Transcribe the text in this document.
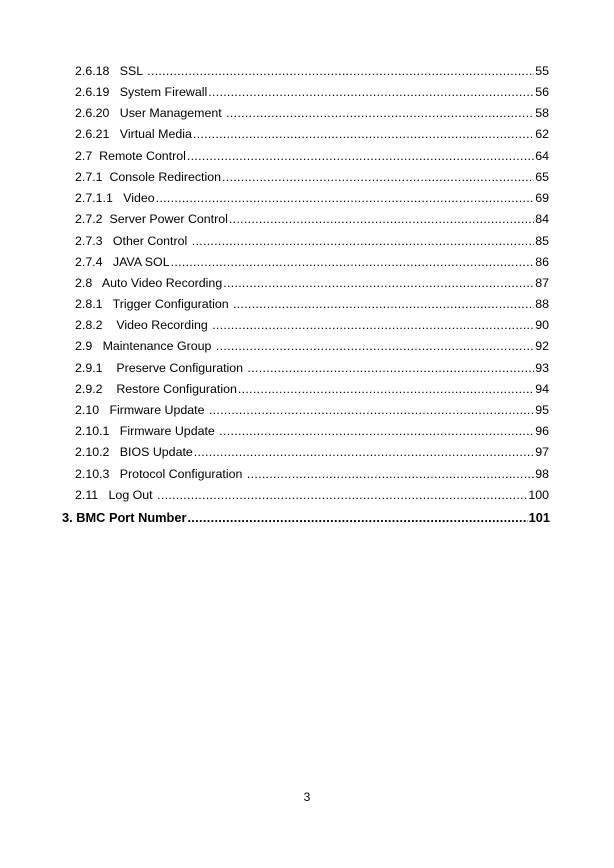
2.6.18 SSL .....	55
2.6.19 System Firewall .....	56
2.6.20 User Management .....	58
2.6.21 Virtual Media .....	62
2.7 Remote Control .....	64
2.7.1 Console Redirection .....	65
2.7.1.1 Video .....	69
2.7.2 Server Power Control .....	84
2.7.3 Other Control .....	85
2.7.4 JAVA SOL .....	86
2.8 Auto Video Recording .....	87
2.8.1 Trigger Configuration .....	88
2.8.2 Video Recording .....	90
2.9 Maintenance Group .....	92
2.9.1 Preserve Configuration .....	93
2.9.2 Restore Configuration .....	94
2.10 Firmware Update .....	95
2.10.1 Firmware Update .....	96
2.10.2 BIOS Update .....	97
2.10.3 Protocol Configuration .....	98
2.11 Log Out .....	100
3. BMC Port Number .....	101
3
